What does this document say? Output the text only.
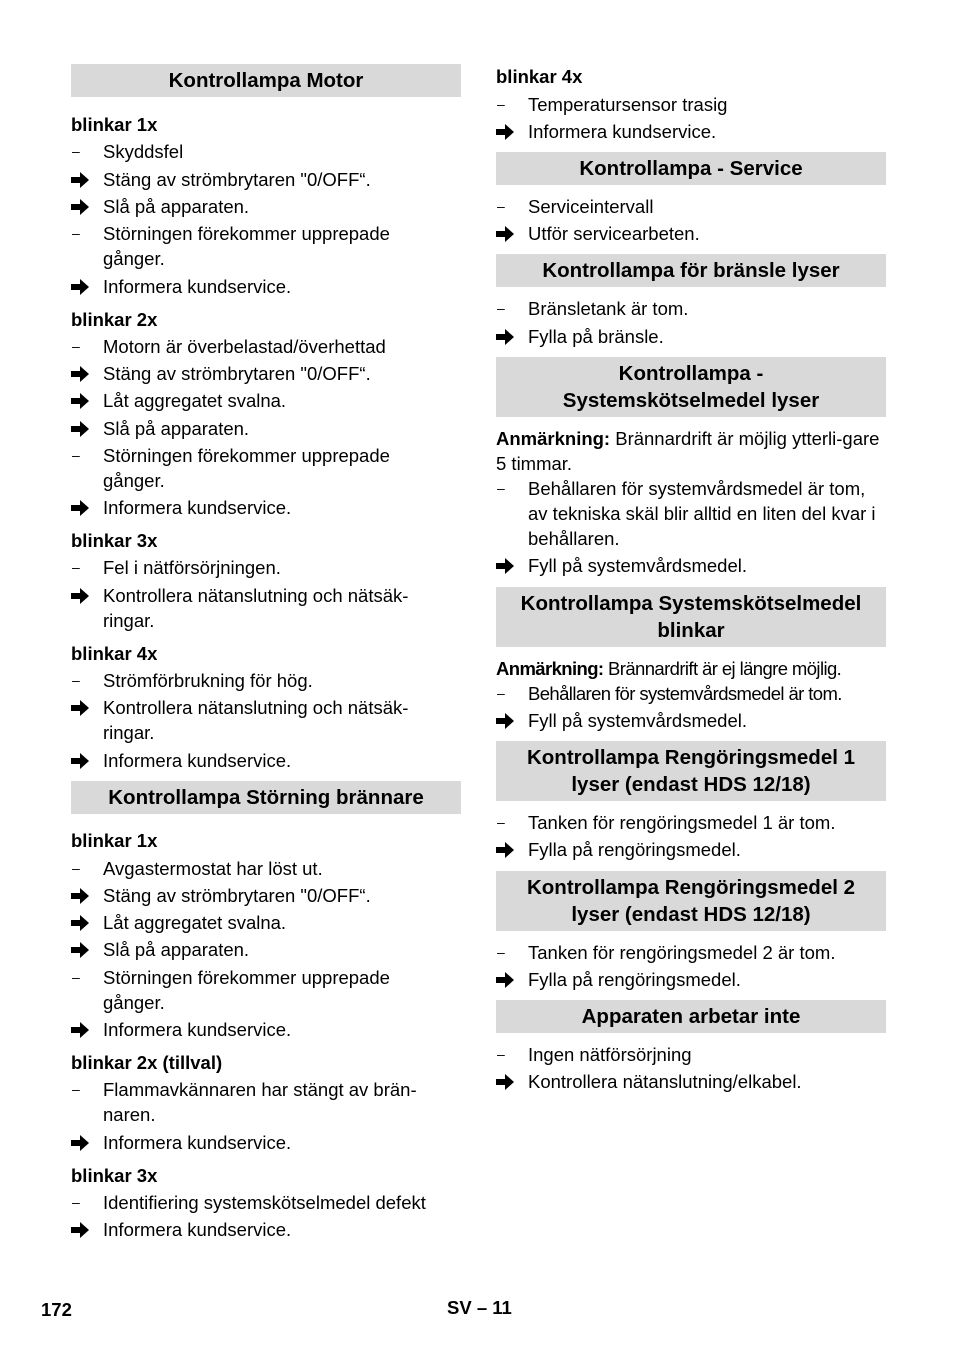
Kontrollampa Motor
blinkar 1x
–	Skyddsfel
Stäng av strömbrytaren "0/OFF“.
Slå på apparaten.
–	Störningen förekommer upprepade gånger.
Informera kundservice.
blinkar 2x
–	Motorn är överbelastad/överhettad
Stäng av strömbrytaren "0/OFF“.
Låt aggregatet svalna.
Slå på apparaten.
–	Störningen förekommer upprepade gånger.
Informera kundservice.
blinkar 3x
–	Fel i nätförsörjningen.
Kontrollera nätanslutning och nätsäk-ringar.
blinkar 4x
–	Strömförbrukning för hög.
Kontrollera nätanslutning och nätsäk-ringar.
Informera kundservice.
Kontrollampa Störning brännare
blinkar 1x
–	Avgastermostat har löst ut.
Stäng av strömbrytaren "0/OFF“.
Låt aggregatet svalna.
Slå på apparaten.
–	Störningen förekommer upprepade gånger.
Informera kundservice.
blinkar 2x (tillval)
–	Flammavkännaren har stängt av brän-naren.
Informera kundservice.
blinkar 3x
–	Identifiering systemskötselmedel defekt
Informera kundservice.
blinkar 4x
–	Temperatursensor trasig
Informera kundservice.
Kontrollampa - Service
–	Serviceintervall
Utför servicearbeten.
Kontrollampa för bränsle lyser
–	Bränsletank är tom.
Fylla på bränsle.
Kontrollampa -
Systemskötselmedel lyser
Anmärkning: Brännardrift är möjlig ytterli-gare 5 timmar.
–	Behållaren för systemvårdsmedel är tom, av tekniska skäl blir alltid en liten del kvar i behållaren.
Fyll på systemvårdsmedel.
Kontrollampa Systemskötselmedel
blinkar
Anmärkning: Brännardrift är ej längre möjlig.
–	Behållaren för systemvårdsmedel är tom.
Fyll på systemvårdsmedel.
Kontrollampa Rengöringsmedel 1
lyser (endast HDS 12/18)
–	Tanken för rengöringsmedel 1 är tom.
Fylla på rengöringsmedel.
Kontrollampa Rengöringsmedel 2
lyser (endast HDS 12/18)
–	Tanken för rengöringsmedel 2 är tom.
Fylla på rengöringsmedel.
Apparaten arbetar inte
–	Ingen nätförsörjning
Kontrollera nätanslutning/elkabel.
172	SV – 11
